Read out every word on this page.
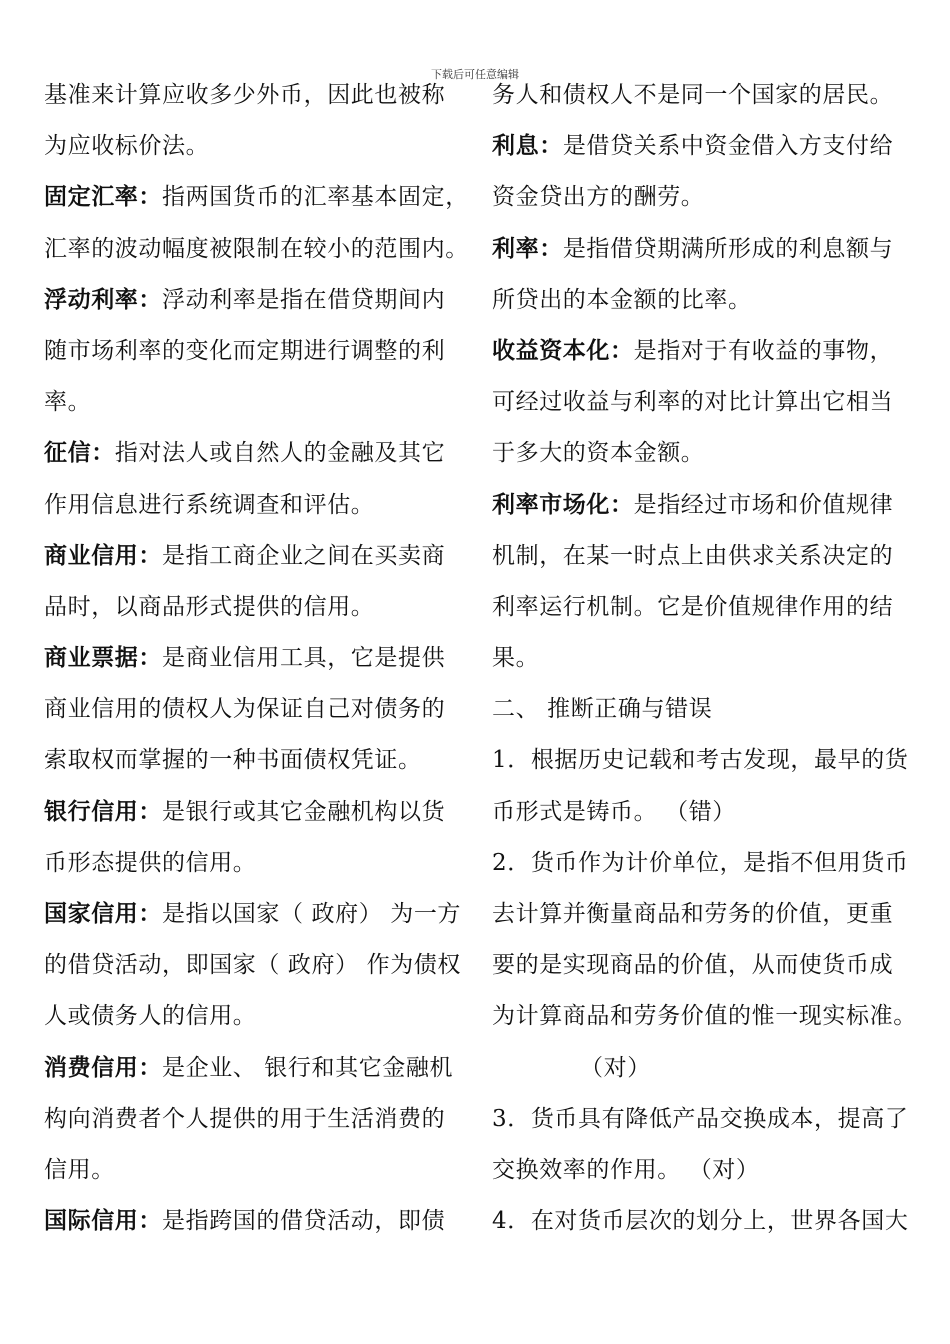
下载后可任意编辑
基准来计算应收多少外币，因此也被称
为应收标价法。
固定汇率：指两国货币的汇率基本固定，
汇率的波动幅度被限制在较小的范围内。
浮动利率：浮动利率是指在借贷期间内
随市场利率的变化而定期进行调整的利
率。
征信：指对法人或自然人的金融及其它
作用信息进行系统调查和评估。
商业信用：是指工商企业之间在买卖商
品时，以商品形式提供的信用。
商业票据：是商业信用工具，它是提供
商业信用的债权人为保证自己对债务的
索取权而掌握的一种书面债权凭证。
银行信用：是银行或其它金融机构以货
币形态提供的信用。
国家信用：是指以国家（ 政府） 为一方
的借贷活动，即国家（ 政府） 作为债权
人或债务人的信用。
消费信用：是企业、 银行和其它金融机
构向消费者个人提供的用于生活消费的
信用。
国际信用：是指跨国的借贷活动，即债
务人和债权人不是同一个国家的居民。
利息：是借贷关系中资金借入方支付给
资金贷出方的酬劳。
利率：是指借贷期满所形成的利息额与
所贷出的本金额的比率。
收益资本化：是指对于有收益的事物，
可经过收益与利率的对比计算出它相当
于多大的资本金额。
利率市场化：是指经过市场和价值规律
机制，在某一时点上由供求关系决定的
利率运行机制。它是价值规律作用的结
果。
二、 推断正确与错误
1．根据历史记载和考古发现，最早的货
币形式是铸币。 （错）
2．货币作为计价单位，是指不但用货币
去计算并衡量商品和劳务的价值，更重
要的是实现商品的价值，从而使货币成
为计算商品和劳务价值的惟一现实标准。
（对）
3．货币具有降低产品交换成本，提高了
交换效率的作用。 （对）
4．在对货币层次的划分上，世界各国大
